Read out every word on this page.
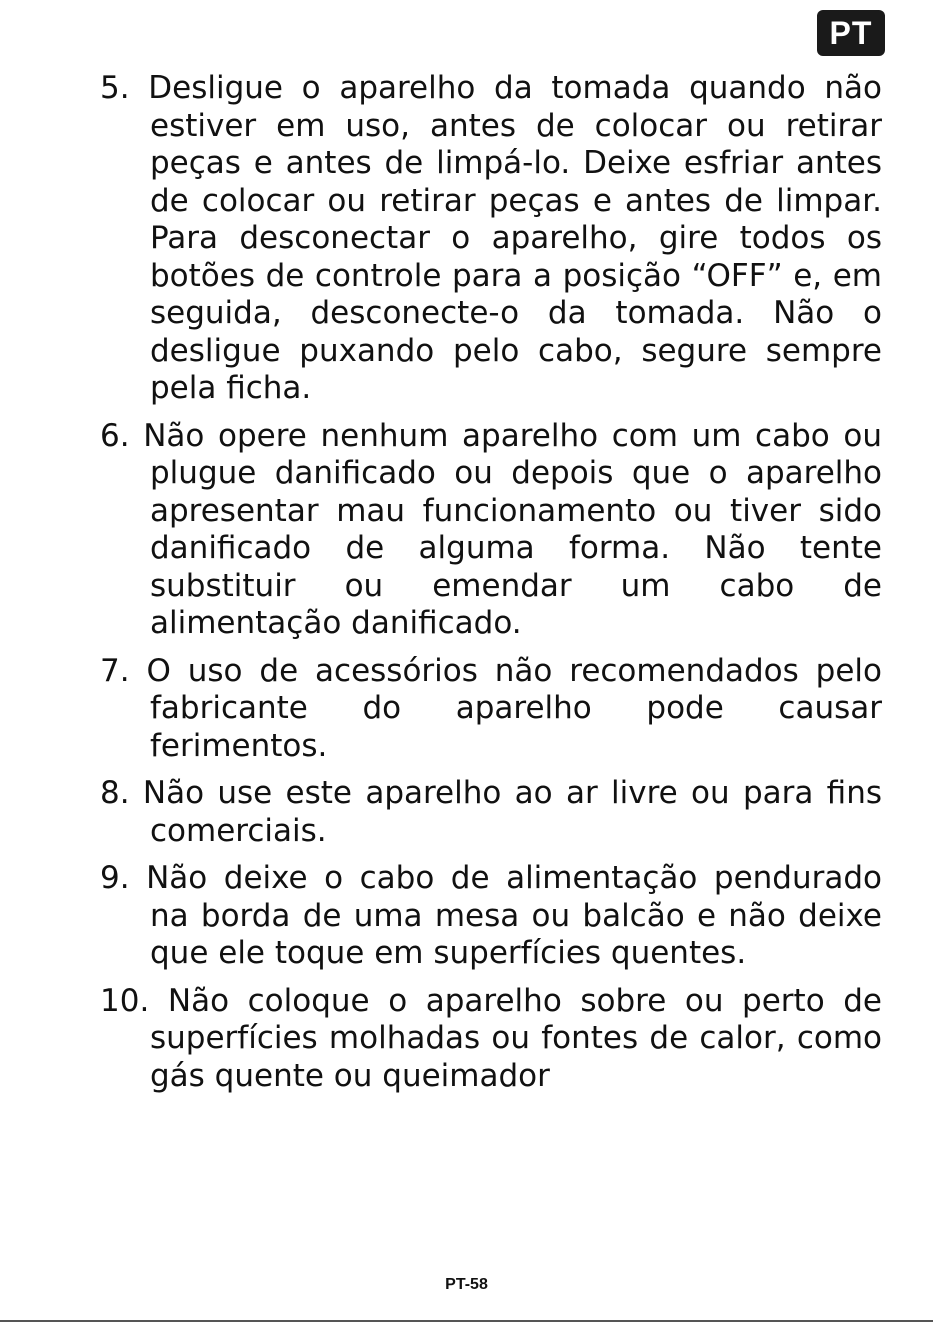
PT

5. Desligue o aparelho da tomada quando não estiver em uso, antes de colocar ou retirar peças e antes de limpá-lo. Deixe esfriar antes de colocar ou retirar peças e antes de limpar. Para desconectar o aparelho, gire todos os botões de controle para a posição “OFF” e, em seguida, desconecte-o da tomada. Não o desligue puxando pelo cabo, segure sempre pela ficha.

6. Não opere nenhum aparelho com um cabo ou plugue danificado ou depois que o aparelho apresentar mau funcionamento ou tiver sido danificado de alguma forma. Não tente substituir ou emendar um cabo de alimentação danificado.

7. O uso de acessórios não recomendados pelo fabricante do aparelho pode causar ferimentos.

8. Não use este aparelho ao ar livre ou para fins comerciais.

9. Não deixe o cabo de alimentação pendurado na borda de uma mesa ou balcão e não deixe que ele toque em superfícies quentes.

10. Não coloque o aparelho sobre ou perto de superfícies molhadas ou fontes de calor, como gás quente ou queimador

PT-58
